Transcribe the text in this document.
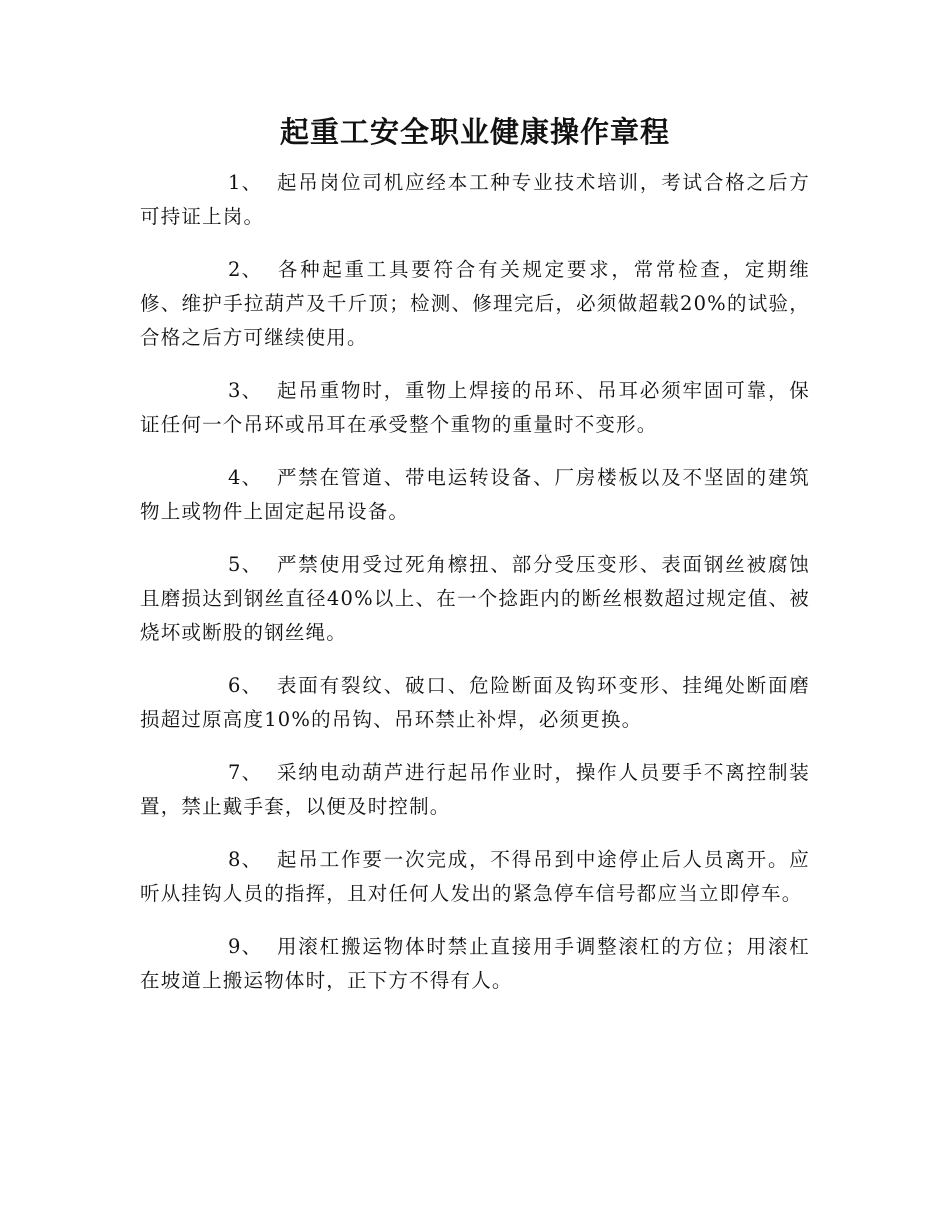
起重工安全职业健康操作章程

1、 起吊岗位司机应经本工种专业技术培训，考试合格之后方可持证上岗。

2、 各种起重工具要符合有关规定要求，常常检查，定期维修、维护手拉葫芦及千斤顶；检测、修理完后，必须做超载20%的试验，合格之后方可继续使用。

3、 起吊重物时，重物上焊接的吊环、吊耳必须牢固可靠，保证任何一个吊环或吊耳在承受整个重物的重量时不变形。

4、 严禁在管道、带电运转设备、厂房楼板以及不坚固的建筑物上或物件上固定起吊设备。

5、 严禁使用受过死角檫扭、部分受压变形、表面钢丝被腐蚀且磨损达到钢丝直径40%以上、在一个捻距内的断丝根数超过规定值、被烧坏或断股的钢丝绳。

6、 表面有裂纹、破口、危险断面及钩环变形、挂绳处断面磨损超过原高度10%的吊钩、吊环禁止补焊，必须更换。

7、 采纳电动葫芦进行起吊作业时，操作人员要手不离控制装置，禁止戴手套，以便及时控制。

8、 起吊工作要一次完成，不得吊到中途停止后人员离开。应听从挂钩人员的指挥，且对任何人发出的紧急停车信号都应当立即停车。

9、 用滚杠搬运物体时禁止直接用手调整滚杠的方位；用滚杠在坡道上搬运物体时，正下方不得有人。
